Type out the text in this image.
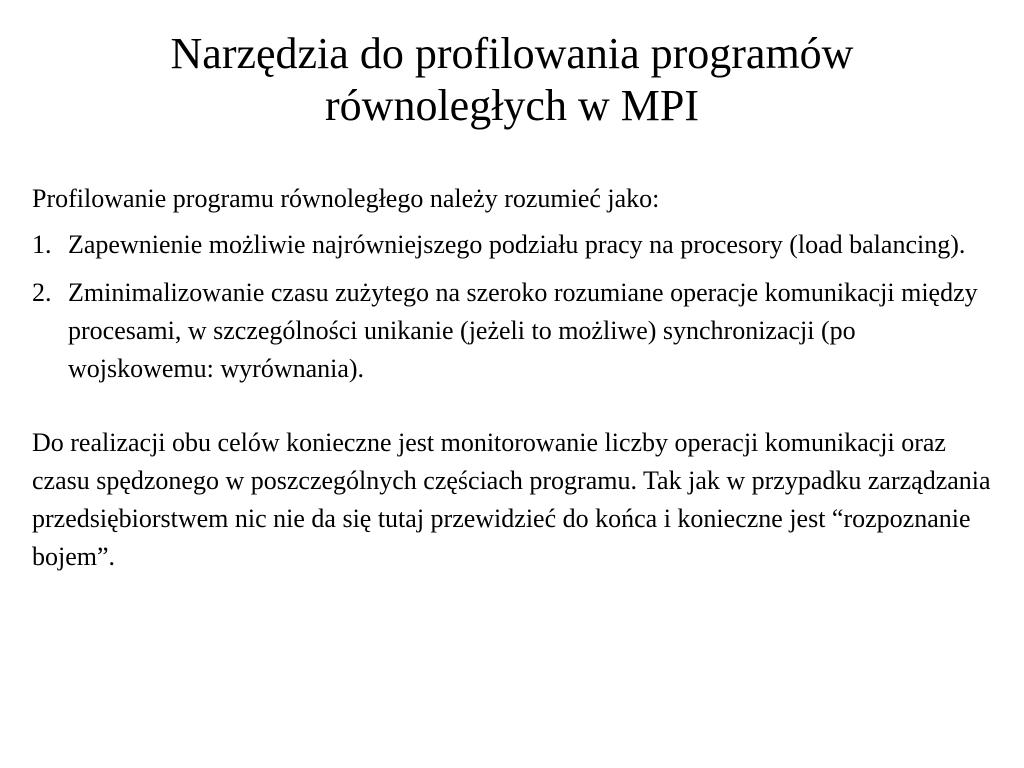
Narzędzia do profilowania programów
równoległych w MPI

Profilowanie programu równoległego należy rozumieć jako:

1. Zapewnienie możliwie najrówniejszego podziału pracy na procesory (load balancing).
2. Zminimalizowanie czasu zużytego na szeroko rozumiane operacje komunikacji między procesami, w szczególności unikanie (jeżeli to możliwe) synchronizacji (po wojskowemu: wyrównania).

Do realizacji obu celów konieczne jest monitorowanie liczby operacji komunikacji oraz czasu spędzonego w poszczególnych częściach programu. Tak jak w przypadku zarządzania przedsiębiorstwem nic nie da się tutaj przewidzieć do końca i konieczne jest “rozpoznanie bojem”.
